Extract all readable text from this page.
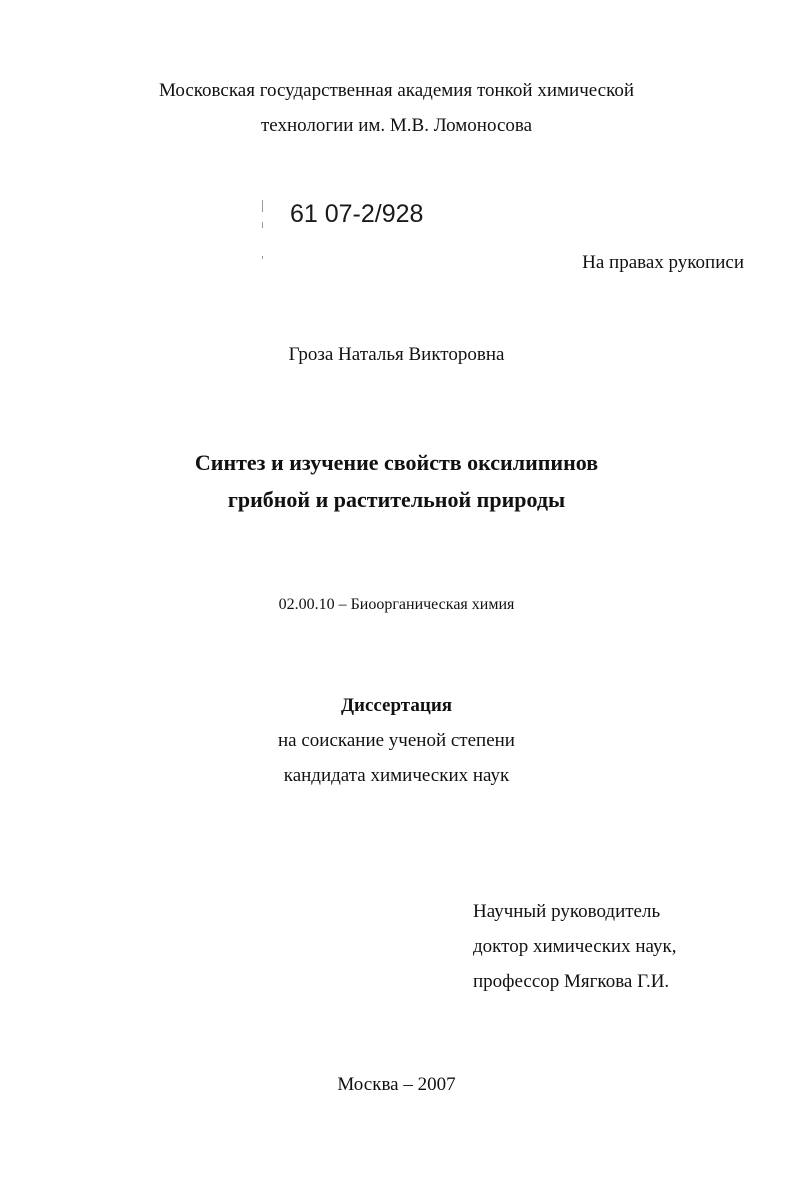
Московская государственная академия тонкой химической
технологии им. М.В. Ломоносова
61 07-2/928
На правах рукописи
Гроза Наталья Викторовна
Синтез и изучение свойств оксилипинов
грибной и растительной природы
02.00.10 – Биоорганическая химия
Диссертация
на соискание ученой степени
кандидата химических наук
Научный руководитель
доктор химических наук,
профессор Мягкова Г.И.
Москва – 2007
